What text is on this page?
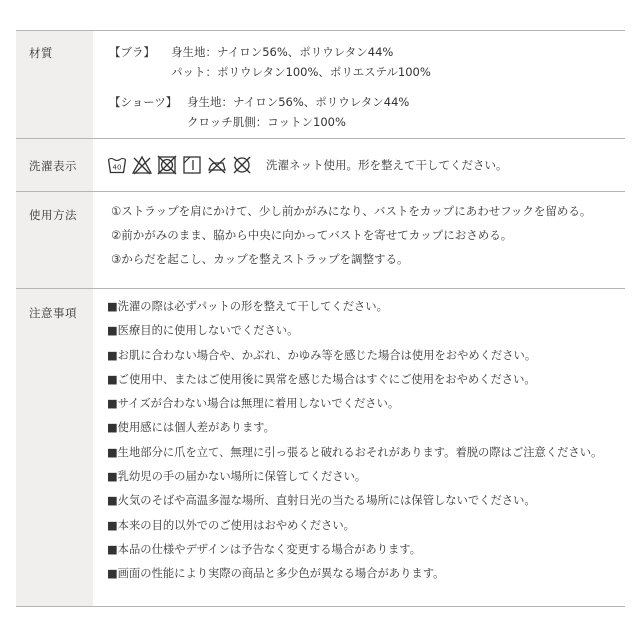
材質	【ブラ】 身生地：ナイロン56%、ポリウレタン44%
パット：ポリウレタン100%、ポリエステル100%
【ショーツ】 身生地：ナイロン56%、ポリウレタン44%
クロッチ肌側：コットン100%
洗濯表示	40	洗濯ネット使用。形を整えて干してください。
使用方法	①ストラップを肩にかけて、少し前かがみになり、バストをカップにあわせフックを留める。
②前かがみのまま、脇から中央に向かってバストを寄せてカップにおさめる。
③からだを起こし、カップを整えストラップを調整する。
注意事項	■洗濯の際は必ずパットの形を整えて干してください。
■医療目的に使用しないでください。
■お肌に合わない場合や、かぶれ、かゆみ等を感じた場合は使用をおやめください。
■ご使用中、またはご使用後に異常を感じた場合はすぐにご使用をおやめください。
■サイズが合わない場合は無理に着用しないでください。
■使用感には個人差があります。
■生地部分に爪を立て、無理に引っ張ると破れるおそれがあります。着脱の際はご注意ください。
■乳幼児の手の届かない場所に保管してください。
■火気のそばや高温多湿な場所、直射日光の当たる場所には保管しないでください。
■本来の目的以外でのご使用はおやめください。
■本品の仕様やデザインは予告なく変更する場合があります。
■画面の性能により実際の商品と多少色が異なる場合があります。
